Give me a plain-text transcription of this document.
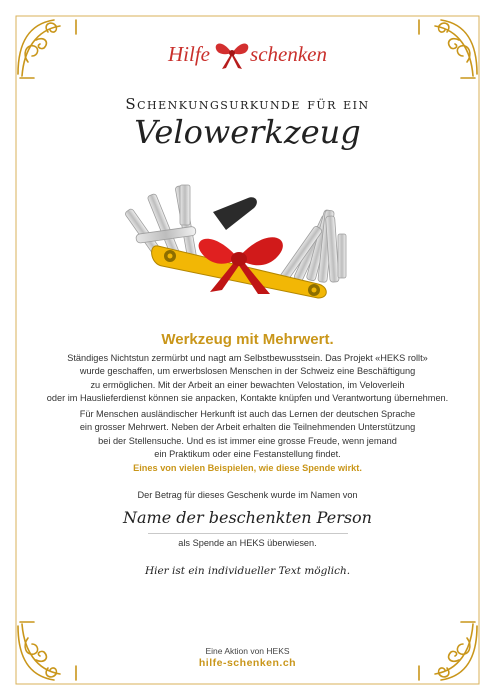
Hilfe schenken
Schenkungsurkunde für ein
Velowerkzeug
Werkzeug mit Mehrwert.
Ständiges Nichtstun zermürbt und nagt am Selbstbewusstsein. Das Projekt «HEKS rollt»
wurde geschaffen, um erwerbslosen Menschen in der Schweiz eine Beschäftigung
zu ermöglichen. Mit der Arbeit an einer bewachten Velostation, im Veloverleih
oder im Hauslieferdienst können sie anpacken, Kontakte knüpfen und Verantwortung übernehmen.
Für Menschen ausländischer Herkunft ist auch das Lernen der deutschen Sprache
ein grosser Mehrwert. Neben der Arbeit erhalten die Teilnehmenden Unterstützung
bei der Stellensuche. Und es ist immer eine grosse Freude, wenn jemand
ein Praktikum oder eine Festanstellung findet.
Eines von vielen Beispielen, wie diese Spende wirkt.
Der Betrag für dieses Geschenk wurde im Namen von
Name der beschenkten Person
als Spende an HEKS überwiesen.
Hier ist ein individueller Text möglich.
Eine Aktion von HEKS
hilfe-schenken.ch
